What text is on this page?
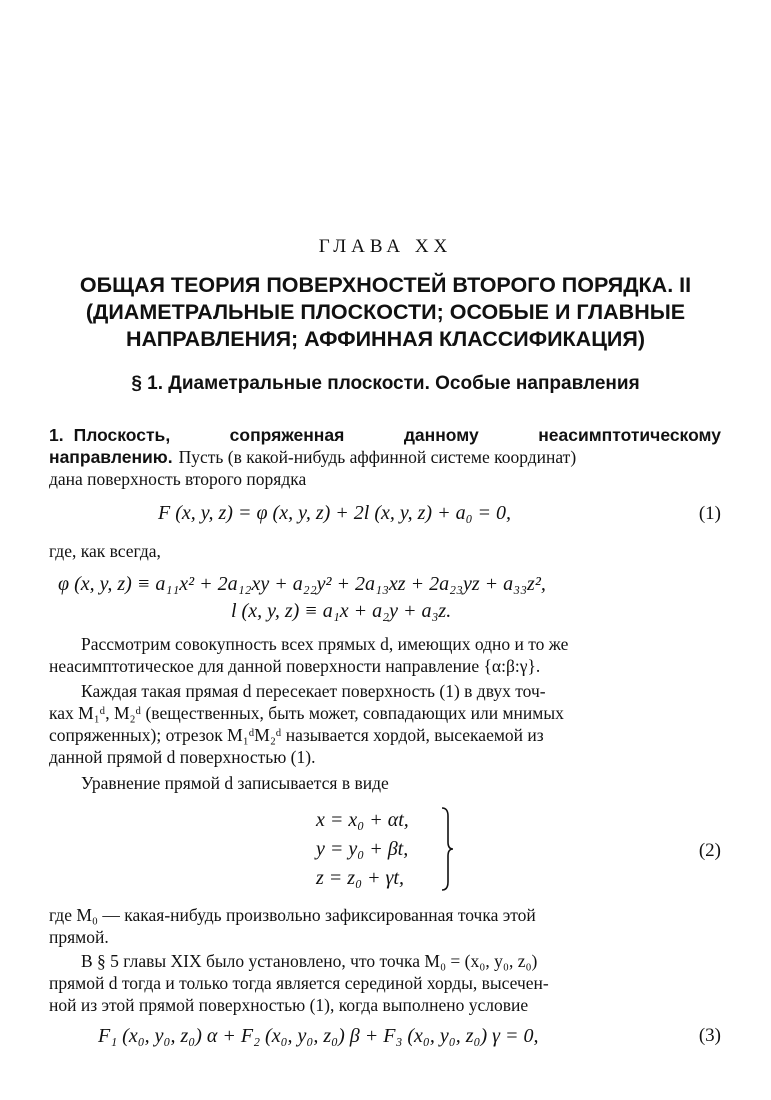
ГЛАВА XX
ОБЩАЯ ТЕОРИЯ ПОВЕРХНОСТЕЙ ВТОРОГО ПОРЯДКА. II
(ДИАМЕТРАЛЬНЫЕ ПЛОСКОСТИ; ОСОБЫЕ И ГЛАВНЫЕ
НАПРАВЛЕНИЯ; АФФИННАЯ КЛАССИФИКАЦИЯ)
§ 1. Диаметральные плоскости. Особые направления
1. Плоскость, сопряженная данному неасимптотическому
направлению. Пусть (в какой-нибудь аффинной системе координат)
дана поверхность второго порядка
F (x, y, z) = φ (x, y, z) + 2l (x, y, z) + a₀ = 0,	(1)
где, как всегда,
φ (x, y, z) ≡ a₁₁x² + 2a₁₂xy + a₂₂y² + 2a₁₃xz + 2a₂₃yz + a₃₃z²,
l (x, y, z) ≡ a₁x + a₂y + a₃z.
Рассмотрим совокупность всех прямых d, имеющих одно и то же
неасимптотическое для данной поверхности направление {α:β:γ}.
Каждая такая прямая d пересекает поверхность (1) в двух точ-
ках M₁ᵈ, M₂ᵈ (вещественных, быть может, совпадающих или мнимых
сопряженных); отрезок M₁ᵈM₂ᵈ называется хордой, высекаемой из
данной прямой d поверхностью (1).
Уравнение прямой d записывается в виде
x = x₀ + αt,
y = y₀ + βt,
z = z₀ + γt,
(2)
где M₀ — какая-нибудь произвольно зафиксированная точка этой
прямой.
В § 5 главы XIX было установлено, что точка M₀ = (x₀, y₀, z₀)
прямой d тогда и только тогда является серединой хорды, высечен-
ной из этой прямой поверхностью (1), когда выполнено условие
F₁ (x₀, y₀, z₀) α + F₂ (x₀, y₀, z₀) β + F₃ (x₀, y₀, z₀) γ = 0,	(3)
